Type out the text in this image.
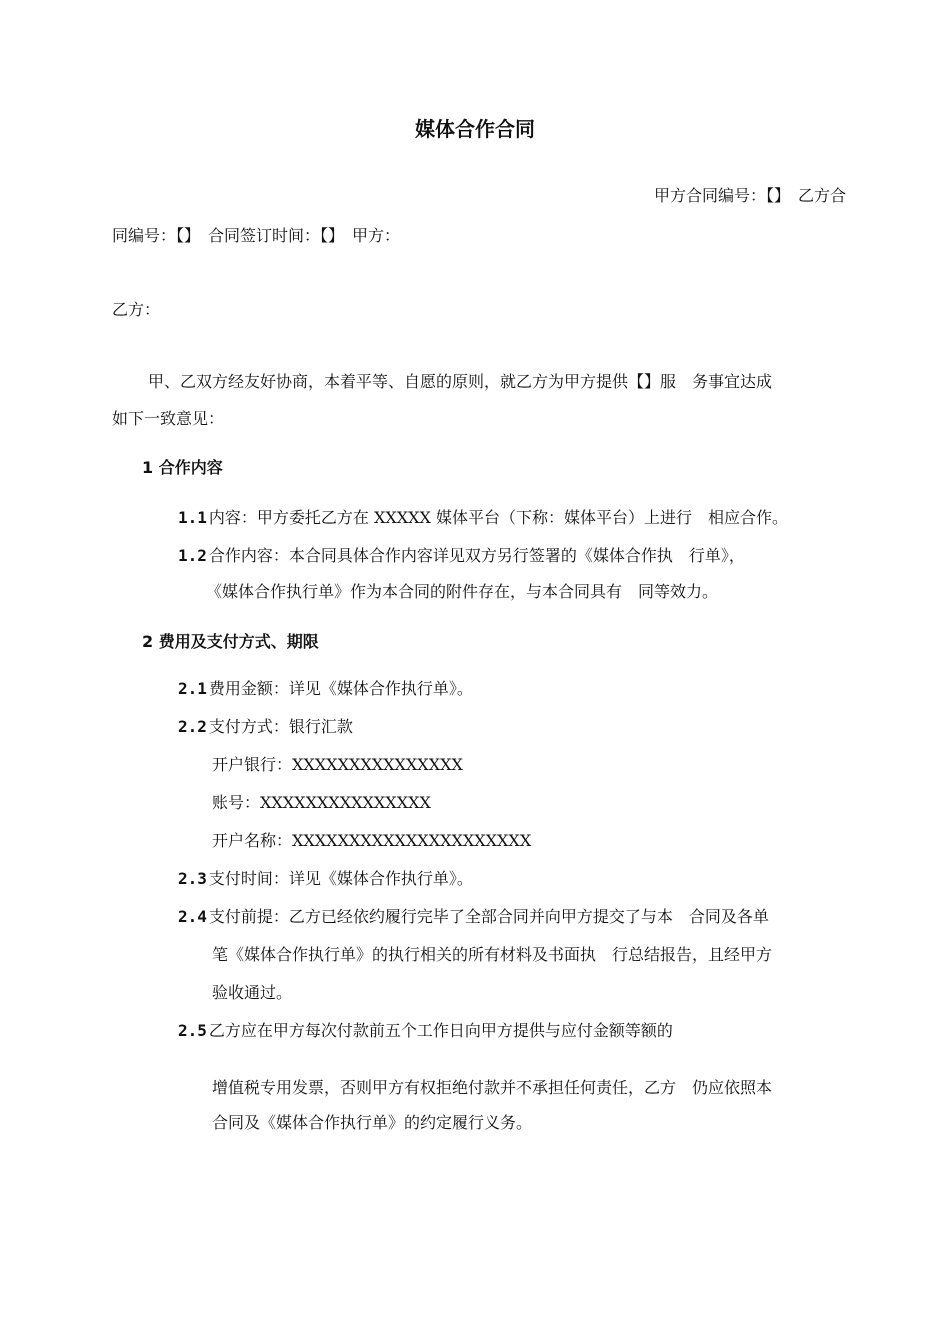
媒体合作合同
甲方合同编号：【】　乙方合
同编号：【】　合同签订时间：【】　甲方：
乙方：
甲、乙双方经友好协商，本着平等、自愿的原则，就乙方为甲方提供【】服　务事宜达成
如下一致意见：
1 合作内容
1.1 内容：甲方委托乙方在 XXXXX 媒体平台（下称：媒体平台）上进行　相应合作。
1.2 合作内容：本合同具体合作内容详见双方另行签署的《媒体合作执　行单》，
《媒体合作执行单》作为本合同的附件存在，与本合同具有　同等效力。
2 费用及支付方式、期限
2.1 费用金额：详见《媒体合作执行单》。
2.2 支付方式：银行汇款
开户银行：XXXXXXXXXXXXXXX
账号：XXXXXXXXXXXXXXX
开户名称：XXXXXXXXXXXXXXXXXXXXX
2.3 支付时间：详见《媒体合作执行单》。
2.4 支付前提：乙方已经依约履行完毕了全部合同并向甲方提交了与本　合同及各单
笔《媒体合作执行单》的执行相关的所有材料及书面执　行总结报告，且经甲方
验收通过。
2.5 乙方应在甲方每次付款前五个工作日向甲方提供与应付金额等额的
增值税专用发票，否则甲方有权拒绝付款并不承担任何责任，乙方　仍应依照本
合同及《媒体合作执行单》的约定履行义务。
